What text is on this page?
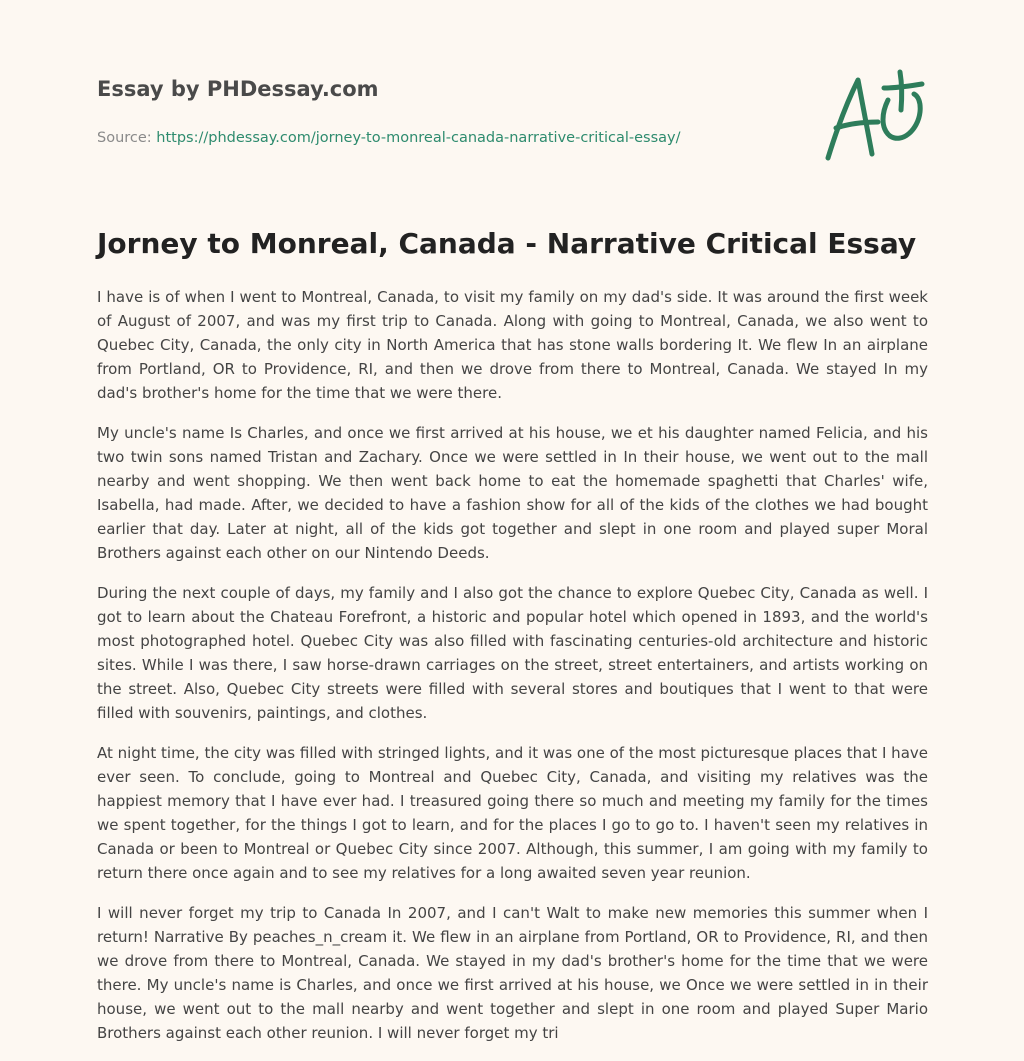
Essay by PHDessay.com
Source: https://phdessay.com/jorney-to-monreal-canada-narrative-critical-essay/
Jorney to Monreal, Canada - Narrative Critical Essay

I have is of when I went to Montreal, Canada, to visit my family on my dad's side. It was around the first week of August of 2007, and was my first trip to Canada. Along with going to Montreal, Canada, we also went to Quebec City, Canada, the only city in North America that has stone walls bordering It. We flew In an airplane from Portland, OR to Providence, RI, and then we drove from there to Montreal, Canada. We stayed In my dad's brother's home for the time that we were there.

My uncle's name Is Charles, and once we first arrived at his house, we et his daughter named Felicia, and his two twin sons named Tristan and Zachary. Once we were settled in In their house, we went out to the mall nearby and went shopping. We then went back home to eat the homemade spaghetti that Charles' wife, Isabella, had made. After, we decided to have a fashion show for all of the kids of the clothes we had bought earlier that day. Later at night, all of the kids got together and slept in one room and played super Moral Brothers against each other on our Nintendo Deeds.

During the next couple of days, my family and I also got the chance to explore Quebec City, Canada as well. I got to learn about the Chateau Forefront, a historic and popular hotel which opened in 1893, and the world's most photographed hotel. Quebec City was also filled with fascinating centuries-old architecture and historic sites. While I was there, I saw horse-drawn carriages on the street, street entertainers, and artists working on the street. Also, Quebec City streets were filled with several stores and boutiques that I went to that were filled with souvenirs, paintings, and clothes.

At night time, the city was filled with stringed lights, and it was one of the most picturesque places that I have ever seen. To conclude, going to Montreal and Quebec City, Canada, and visiting my relatives was the happiest memory that I have ever had. I treasured going there so much and meeting my family for the times we spent together, for the things I got to learn, and for the places I go to go to. I haven't seen my relatives in Canada or been to Montreal or Quebec City since 2007. Although, this summer, I am going with my family to return there once again and to see my relatives for a long awaited seven year reunion.

I will never forget my trip to Canada In 2007, and I can't Walt to make new memories this summer when I return! Narrative By peaches_n_cream it. We flew in an airplane from Portland, OR to Providence, RI, and then we drove from there to Montreal, Canada. We stayed in my dad's brother's home for the time that we were there. My uncle's name is Charles, and once we first arrived at his house, we Once we were settled in in their house, we went out to the mall nearby and went together and slept in one room and played Super Mario Brothers against each other reunion. I will never forget my tri
